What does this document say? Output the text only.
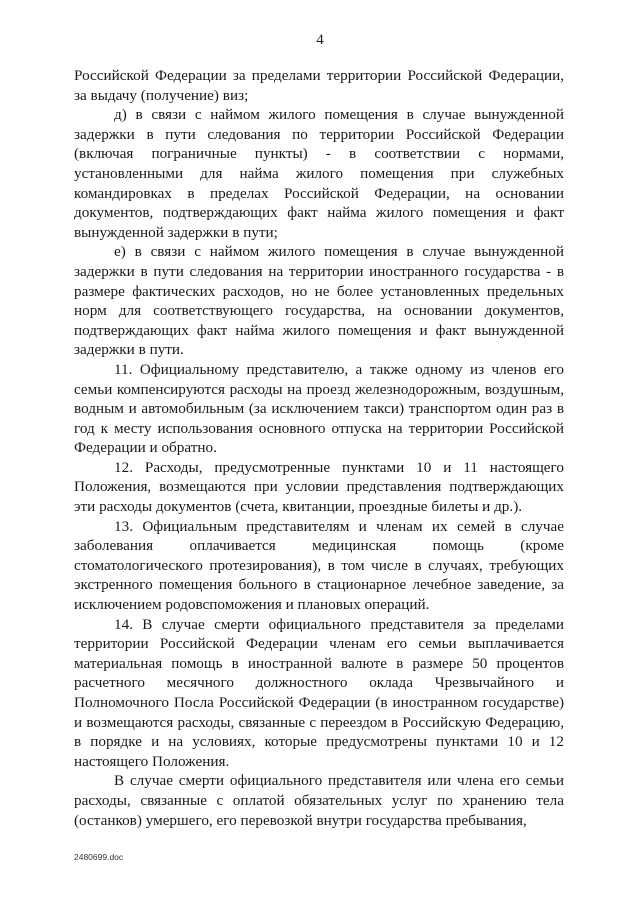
4

Российской Федерации за пределами территории Российской Федерации, за выдачу (получение) виз;

д) в связи с наймом жилого помещения в случае вынужденной задержки в пути следования по территории Российской Федерации (включая пограничные пункты) - в соответствии с нормами, установленными для найма жилого помещения при служебных командировках в пределах Российской Федерации, на основании документов, подтверждающих факт найма жилого помещения и факт вынужденной задержки в пути;

е) в связи с наймом жилого помещения в случае вынужденной задержки в пути следования на территории иностранного государства - в размере фактических расходов, но не более установленных предельных норм для соответствующего государства, на основании документов, подтверждающих факт найма жилого помещения и факт вынужденной задержки в пути.

11. Официальному представителю, а также одному из членов его семьи компенсируются расходы на проезд железнодорожным, воздушным, водным и автомобильным (за исключением такси) транспортом один раз в год к месту использования основного отпуска на территории Российской Федерации и обратно.

12. Расходы, предусмотренные пунктами 10 и 11 настоящего Положения, возмещаются при условии представления подтверждающих эти расходы документов (счета, квитанции, проездные билеты и др.).

13. Официальным представителям и членам их семей в случае заболевания оплачивается медицинская помощь (кроме стоматологического протезирования), в том числе в случаях, требующих экстренного помещения больного в стационарное лечебное заведение, за исключением родовспоможения и плановых операций.

14. В случае смерти официального представителя за пределами территории Российской Федерации членам его семьи выплачивается материальная помощь в иностранной валюте в размере 50 процентов расчетного месячного должностного оклада Чрезвычайного и Полномочного Посла Российской Федерации (в иностранном государстве) и возмещаются расходы, связанные с переездом в Российскую Федерацию, в порядке и на условиях, которые предусмотрены пунктами 10 и 12 настоящего Положения.

В случае смерти официального представителя или члена его семьи расходы, связанные с оплатой обязательных услуг по хранению тела (останков) умершего, его перевозкой внутри государства пребывания,

2480699.doc
